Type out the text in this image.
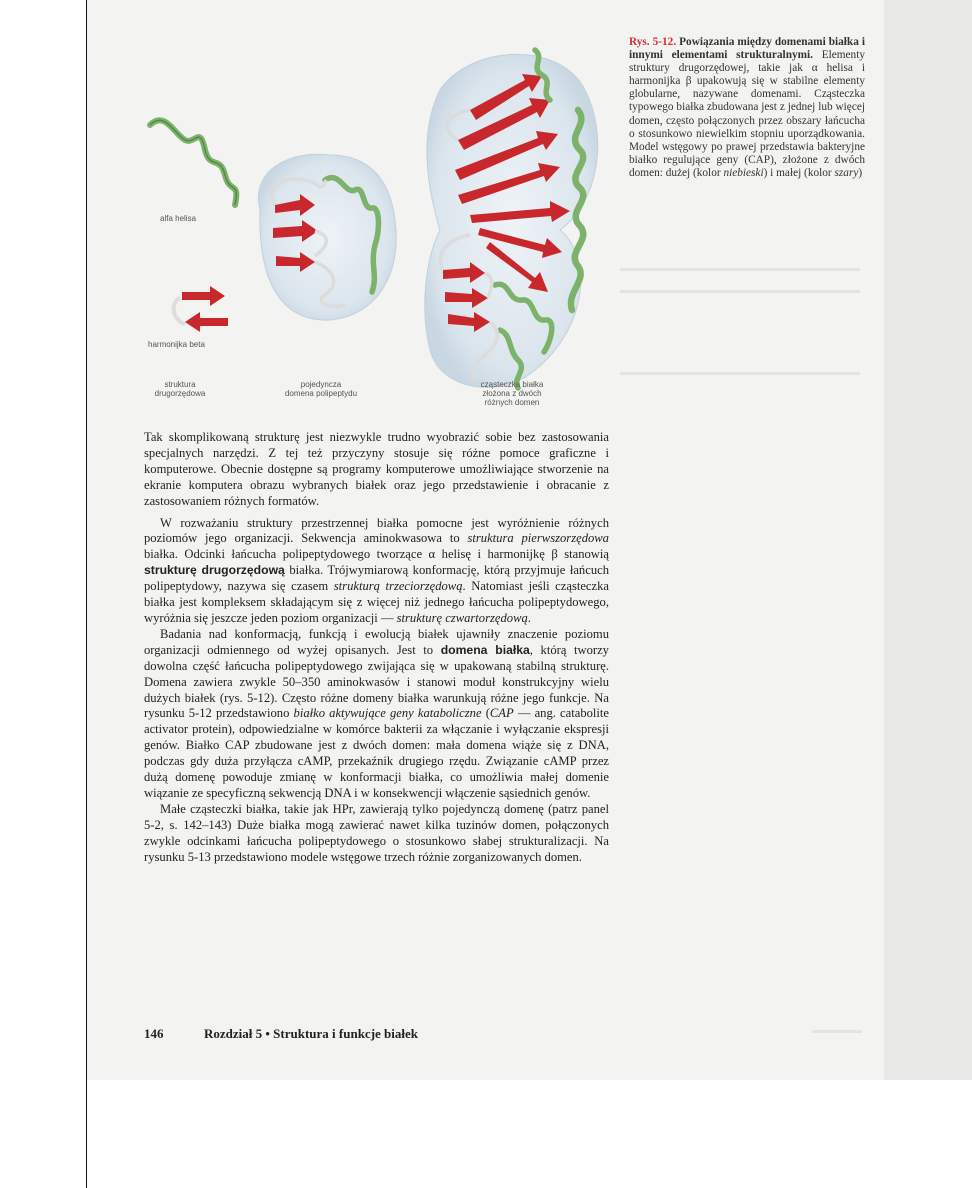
alfa helisa
harmonijka beta
struktura
drugorzędowa
pojedyncza
domena polipeptydu
cząsteczka białka
złożona z dwóch
różnych domen
Rys. 5-12. Powiązania między domenami białka i innymi elementami strukturalnymi. Elementy struktury drugorzędowej, takie jak α helisa i harmonijka β upakowują się w stabilne elementy globularne, nazywane domenami. Cząsteczka typowego białka zbudowana jest z jednej lub więcej domen, często połączonych przez obszary łańcucha o stosunkowo niewielkim stopniu uporządkowania. Model wstęgowy po prawej przedstawia bakteryjne białko regulujące geny (CAP), złożone z dwóch domen: dużej (kolor niebieski) i małej (kolor szary)

Tak skomplikowaną strukturę jest niezwykle trudno wyobrazić sobie bez zastosowania specjalnych narzędzi. Z tej też przyczyny stosuje się różne pomoce graficzne i komputerowe. Obecnie dostępne są programy komputerowe umożliwiające stworzenie na ekranie komputera obrazu wybranych białek oraz jego przedstawienie i obracanie z zastosowaniem różnych formatów.

W rozważaniu struktury przestrzennej białka pomocne jest wyróżnienie różnych poziomów jego organizacji. Sekwencja aminokwasowa to struktura pierwszorzędowa białka. Odcinki łańcucha polipeptydowego tworzące α helisę i harmonijkę β stanowią strukturę drugorzędową białka. Trójwymiarową konformację, którą przyjmuje łańcuch polipeptydowy, nazywa się czasem strukturą trzeciorzędową. Natomiast jeśli cząsteczka białka jest kompleksem składającym się z więcej niż jednego łańcucha polipeptydowego, wyróżnia się jeszcze jeden poziom organizacji — strukturę czwartorzędową.

Badania nad konformacją, funkcją i ewolucją białek ujawniły znaczenie poziomu organizacji odmiennego od wyżej opisanych. Jest to domena białka, którą tworzy dowolna część łańcucha polipeptydowego zwijająca się w upakowaną stabilną strukturę. Domena zawiera zwykle 50–350 aminokwasów i stanowi moduł konstrukcyjny wielu dużych białek (rys. 5-12). Często różne domeny białka warunkują różne jego funkcje. Na rysunku 5-12 przedstawiono białko aktywujące geny kataboliczne (CAP — ang. catabolite activator protein), odpowiedzialne w komórce bakterii za włączanie i wyłączanie ekspresji genów. Białko CAP zbudowane jest z dwóch domen: mała domena wiąże się z DNA, podczas gdy duża przyłącza cAMP, przekaźnik drugiego rzędu. Związanie cAMP przez dużą domenę powoduje zmianę w konformacji białka, co umożliwia małej domenie wiązanie ze specyficzną sekwencją DNA i w konsekwencji włączenie sąsiednich genów.

Małe cząsteczki białka, takie jak HPr, zawierają tylko pojedynczą domenę (patrz panel 5-2, s. 142–143) Duże białka mogą zawierać nawet kilka tuzinów domen, połączonych zwykle odcinkami łańcucha polipeptydowego o stosunkowo słabej strukturalizacji. Na rysunku 5-13 przedstawiono modele wstęgowe trzech różnie zorganizowanych domen.

146	Rozdział 5 • Struktura i funkcje białek
